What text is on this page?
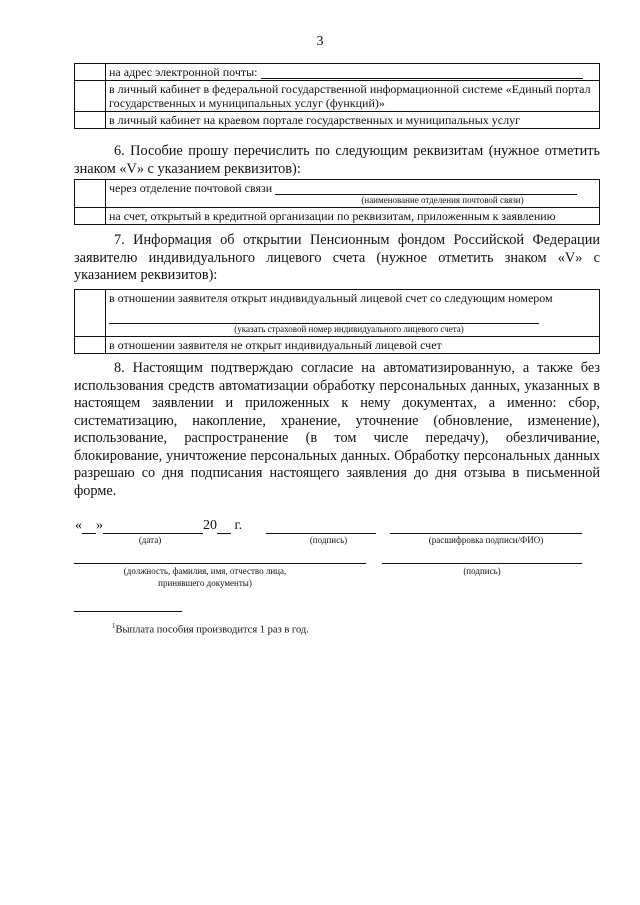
3
	на адрес электронной почты:
	в личный кабинет в федеральной государственной информационной системе «Единый портал государственных и муниципальных услуг (функций)»
	в личный кабинет на краевом портале государственных и муниципальных услуг

6. Пособие прошу перечислить по следующим реквизитам (нужное отметить знаком «V» с указанием реквизитов):

	через отделение почтовой связи
(наименование отделения почтовой связи)

	на счет, открытый в кредитной организации по реквизитам, приложенным к заявлению

7. Информация об открытии Пенсионным фондом Российской Федерации заявителю индивидуального лицевого счета (нужное отметить знаком «V» с указанием реквизитов):

	в отношении заявителя открыт индивидуальный лицевой счет со следующим номером
(указать страховой номер индивидуального лицевого счета)

	в отношении заявителя не открыт индивидуальный лицевой счет

8. Настоящим подтверждаю согласие на автоматизированную, а также без использования средств автоматизации обработку персональных данных, указанных в настоящем заявлении и приложенных к нему документах, а именно: сбор, систематизацию, накопление, хранение, уточнение (обновление, изменение), использование, распространение (в том числе передачу), обезличивание, блокирование, уничтожение персональных данных. Обработку персональных данных разрешаю со дня подписания настоящего заявления до дня отзыва в письменной форме.

« »	20 г.
(дата)	(подпись)	(расшифровка подписи/ФИО)
(должность, фамилия, имя, отчество лица,
принявшего документы)
(подпись)
$^1$Выплата пособия производится 1 раз в год.
